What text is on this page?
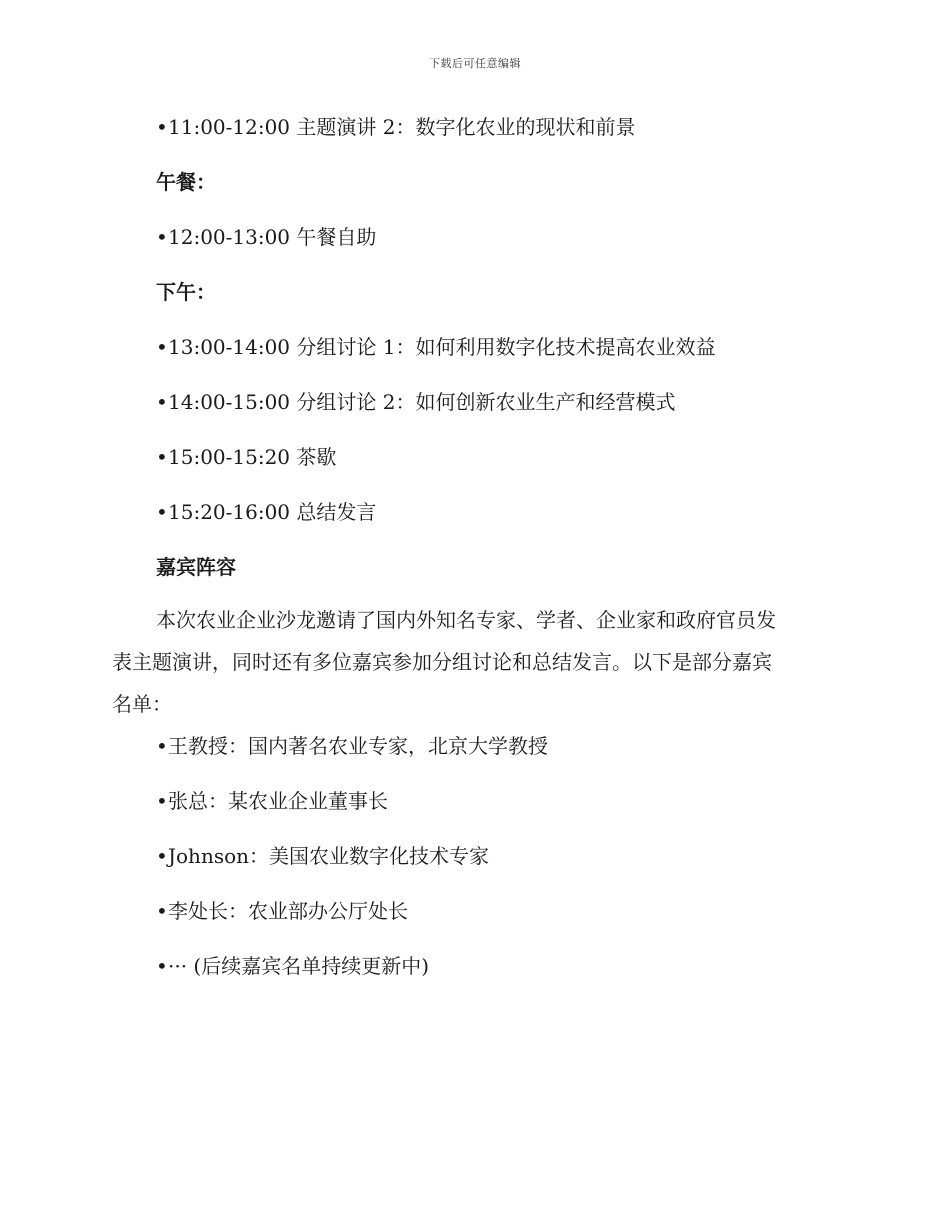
下载后可任意编辑
•11:00-12:00 主题演讲 2：数字化农业的现状和前景
午餐：
•12:00-13:00 午餐自助
下午：
•13:00-14:00 分组讨论 1：如何利用数字化技术提高农业效益
•14:00-15:00 分组讨论 2：如何创新农业生产和经营模式
•15:00-15:20 茶歇
•15:20-16:00 总结发言
嘉宾阵容
本次农业企业沙龙邀请了国内外知名专家、学者、企业家和政府官员发
表主题演讲，同时还有多位嘉宾参加分组讨论和总结发言。以下是部分嘉宾
名单：
•王教授：国内著名农业专家，北京大学教授
•张总：某农业企业董事长
•Johnson：美国农业数字化技术专家
•李处长：农业部办公厅处长
•··· (后续嘉宾名单持续更新中)
